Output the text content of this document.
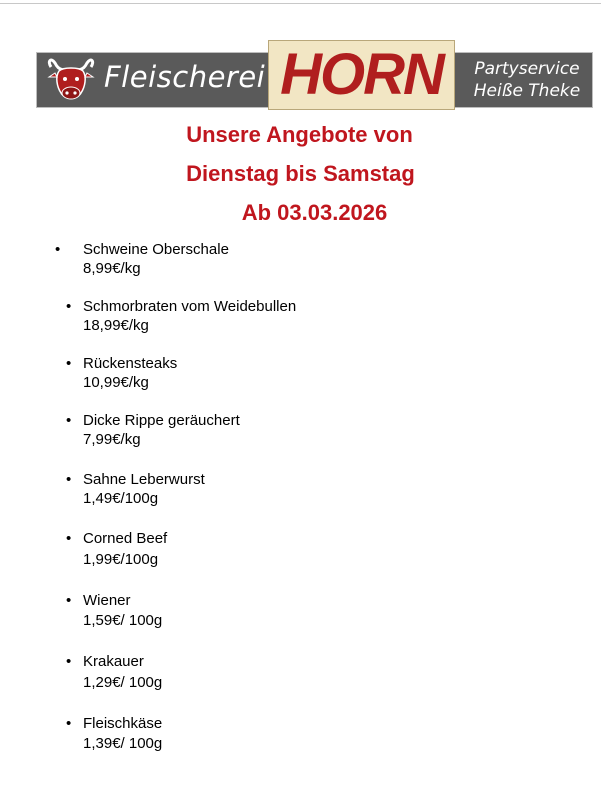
Fleischerei HORN	Partyservice
Heiße Theke
Unsere Angebote von
Dienstag bis Samstag
Ab 03.03.2026
• Schweine Oberschale
8,99€/kg
• Schmorbraten vom Weidebullen
18,99€/kg
• Rückensteaks
10,99€/kg
• Dicke Rippe geräuchert
7,99€/kg
• Sahne Leberwurst
1,49€/100g
• Corned Beef
1,99€/100g
• Wiener
1,59€/ 100g
• Krakauer
1,29€/ 100g
• Fleischkäse
1,39€/ 100g
